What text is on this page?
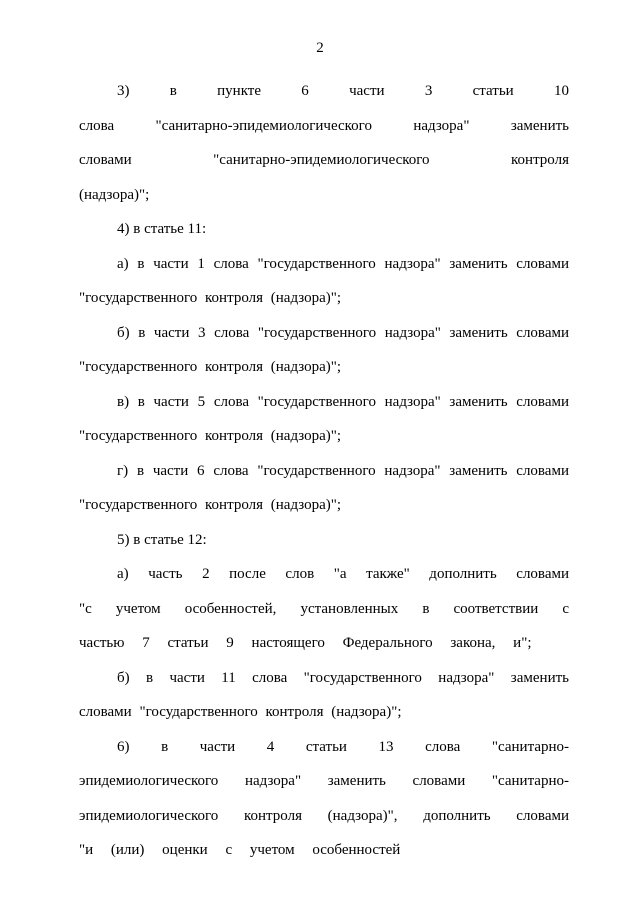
2

3) в пункте 6 части 3 статьи 10 слова "санитарно-эпидемиологического надзора" заменить словами "санитарно-эпидемиологического контроля (надзора)";

4) в статье 11:

а) в части 1 слова "государственного надзора" заменить словами "государственного контроля (надзора)";

б) в части 3 слова "государственного надзора" заменить словами "государственного контроля (надзора)";

в) в части 5 слова "государственного надзора" заменить словами "государственного контроля (надзора)";

г) в части 6 слова "государственного надзора" заменить словами "государственного контроля (надзора)";

5) в статье 12:

а) часть 2 после слов "а также" дополнить словами "с учетом особенностей, установленных в соответствии с частью 7 статьи 9 настоящего Федерального закона, и";

б) в части 11 слова "государственного надзора" заменить словами "государственного контроля (надзора)";

6) в части 4 статьи 13 слова "санитарно-эпидемиологического надзора" заменить словами "санитарно-эпидемиологического контроля (надзора)", дополнить словами "и (или) оценки с учетом особенностей
